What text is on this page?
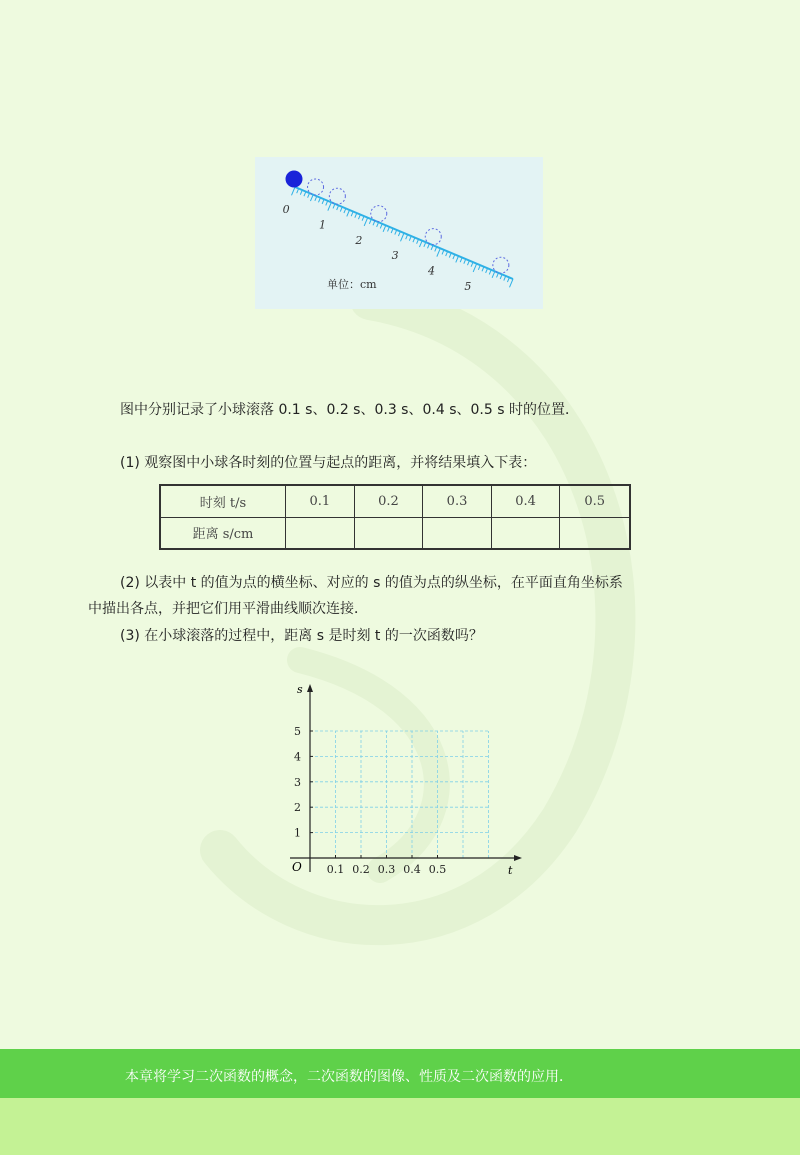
0
1
2
3
4
5
单位：cm
图中分别记录了小球滚落 0.1 s、0.2 s、0.3 s、0.4 s、0.5 s 时的位置．
(1) 观察图中小球各时刻的位置与起点的距离，并将结果填入下表：
时刻 t/s	0.1	0.2	0.3	0.4	0.5
距离 s/cm					
(2) 以表中 t 的值为点的横坐标、对应的 s 的值为点的纵坐标，在平面直角坐标系
中描出各点，并把它们用平滑曲线顺次连接．
(3) 在小球滚落的过程中，距离 s 是时刻 t 的一次函数吗？
0.1 0.2 0.3 0.4 0.5
1
2
3
4
5
t
s
O
本章将学习二次函数的概念，二次函数的图像、性质及二次函数的应用．
